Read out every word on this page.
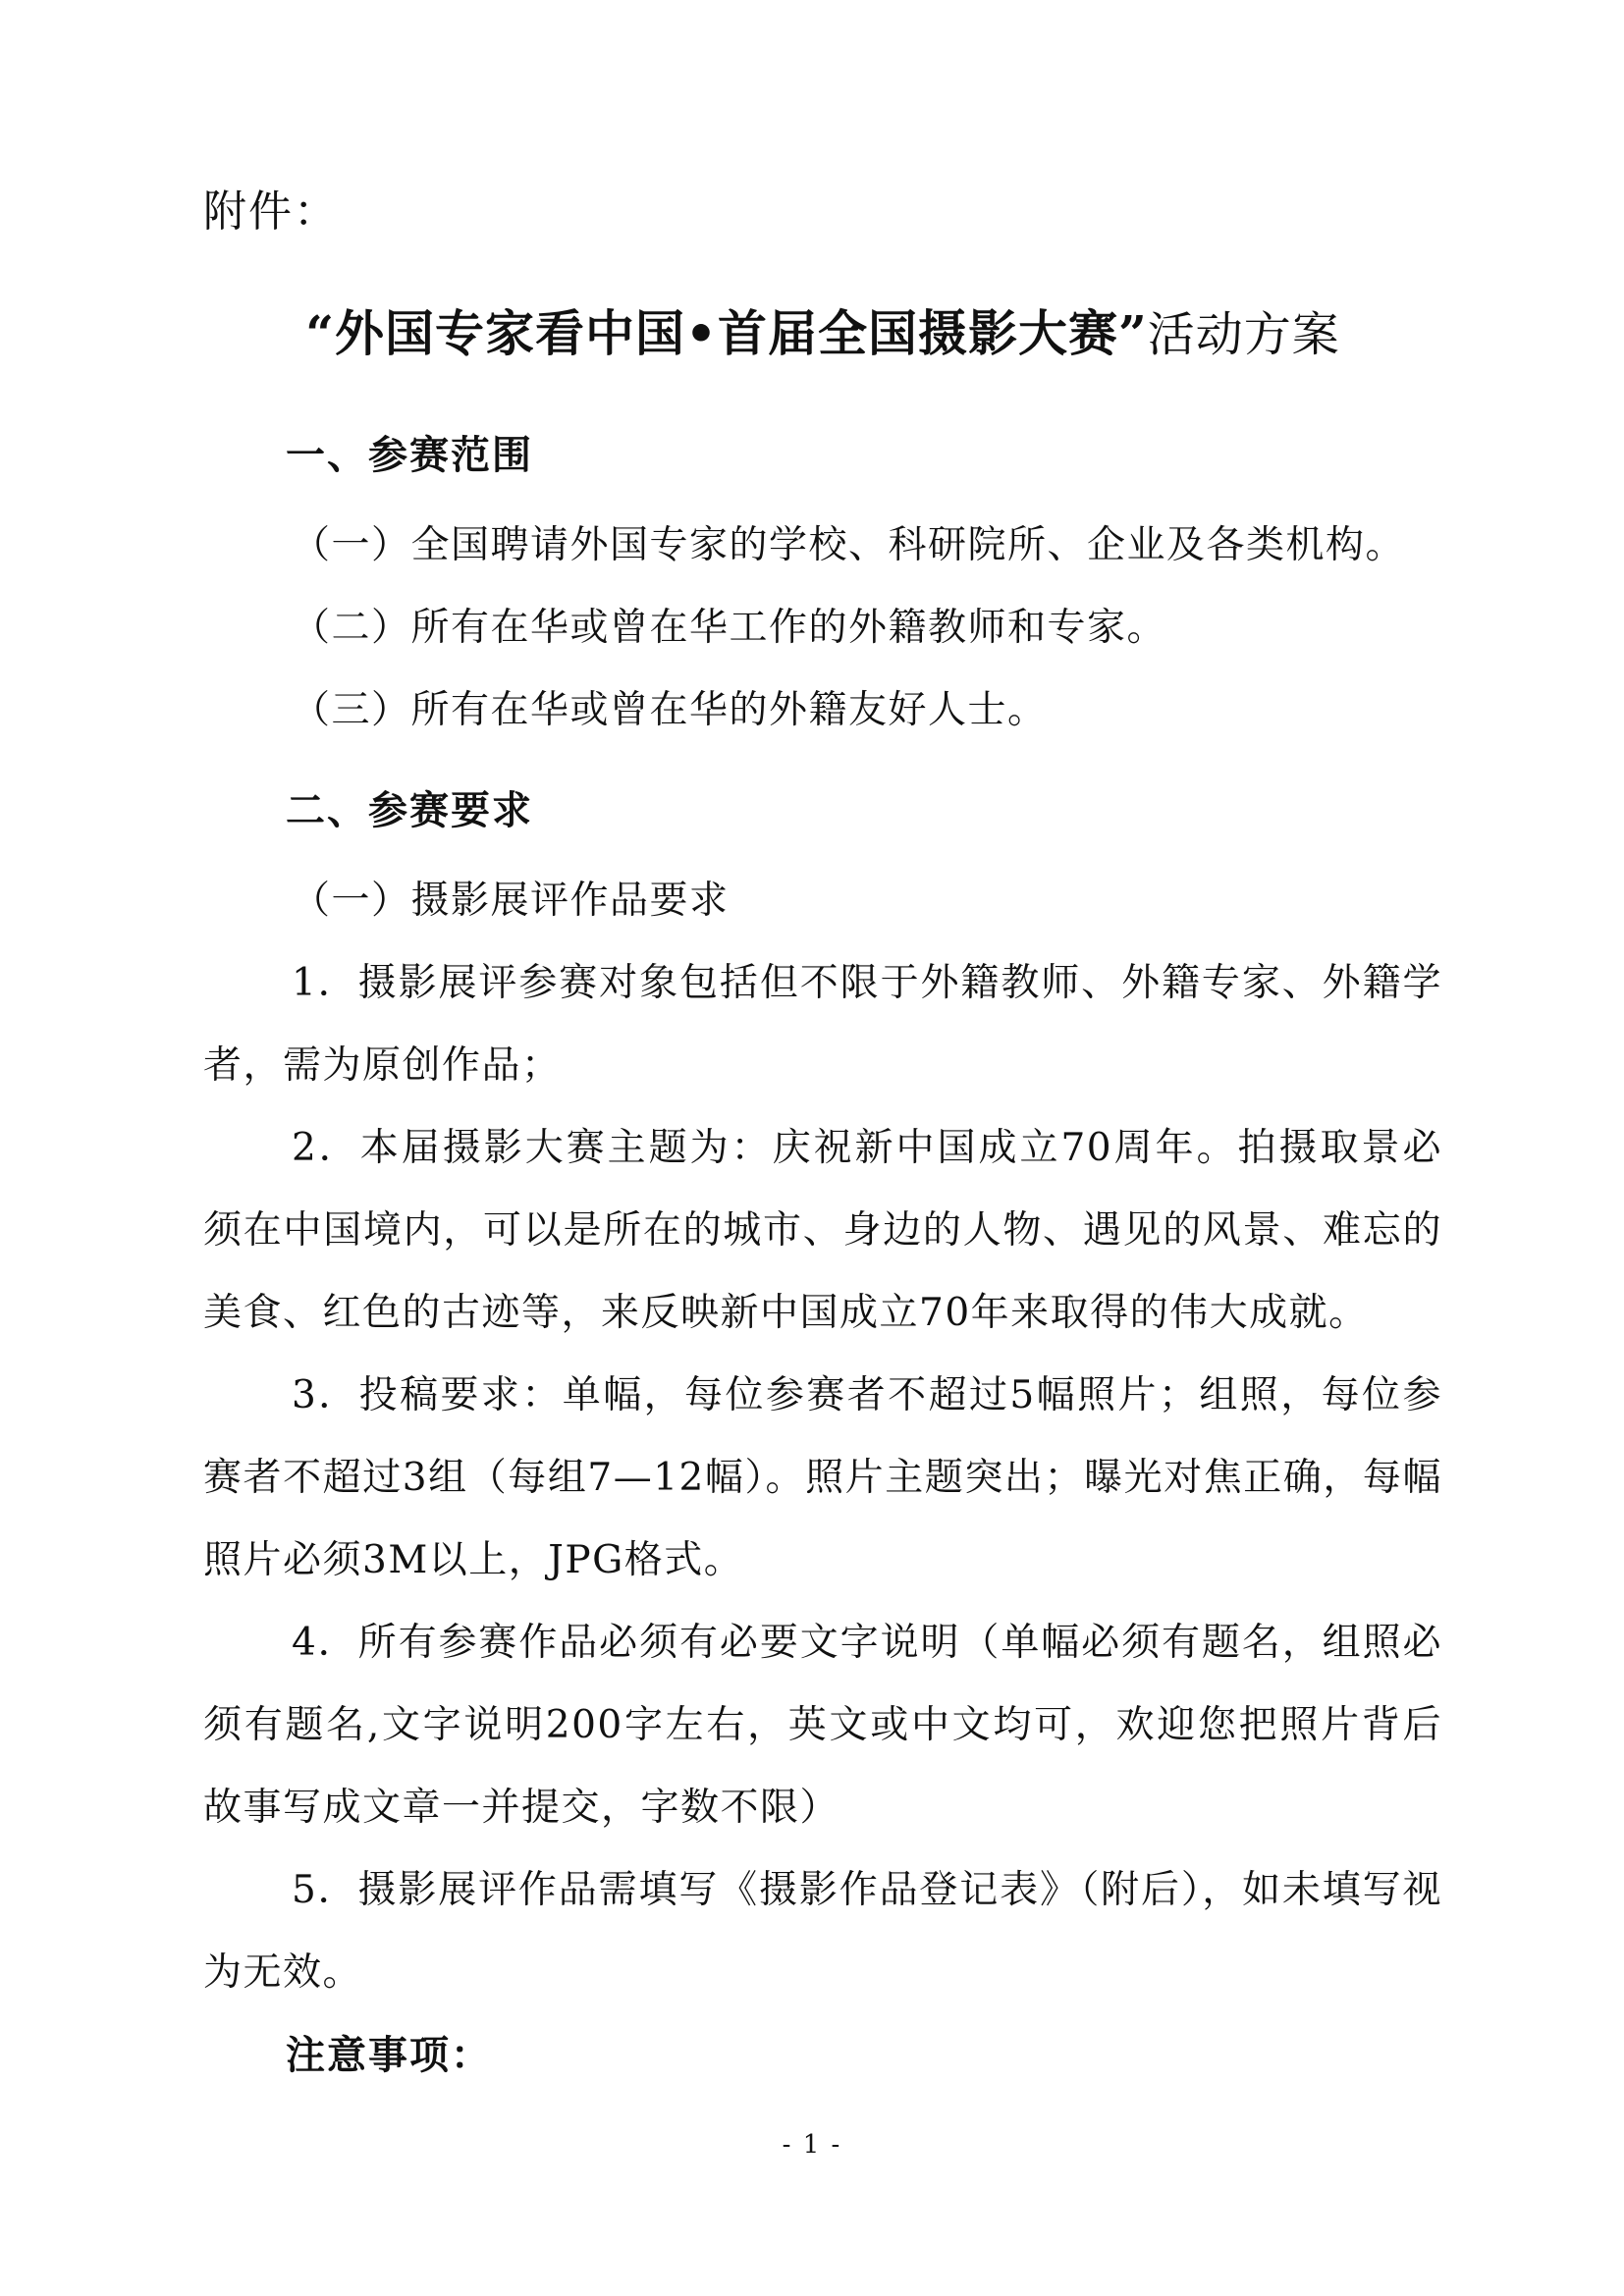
附件：

“外国专家看中国•首届全国摄影大赛”活动方案
一、参赛范围

（一）全国聘请外国专家的学校、科研院所、企业及各类机构。

（二）所有在华或曾在华工作的外籍教师和专家。

（三）所有在华或曾在华的外籍友好人士。

二、参赛要求

（一）摄影展评作品要求

1．摄影展评参赛对象包括但不限于外籍教师、外籍专家、外籍学者，需为原创作品；

2．本届摄影大赛主题为：庆祝新中国成立70周年。拍摄取景必须在中国境内，可以是所在的城市、身边的人物、遇见的风景、难忘的美食、红色的古迹等，来反映新中国成立70年来取得的伟大成就。

3．投稿要求：单幅，每位参赛者不超过5幅照片；组照，每位参赛者不超过3组（每组7—12幅）。照片主题突出；曝光对焦正确，每幅照片必须3M以上，JPG格式。

4．所有参赛作品必须有必要文字说明（单幅必须有题名，组照必须有题名,文字说明200字左右，英文或中文均可，欢迎您把照片背后故事写成文章一并提交，字数不限）

5．摄影展评作品需填写《摄影作品登记表》（附后），如未填写视为无效。

注意事项：
- 1 -
